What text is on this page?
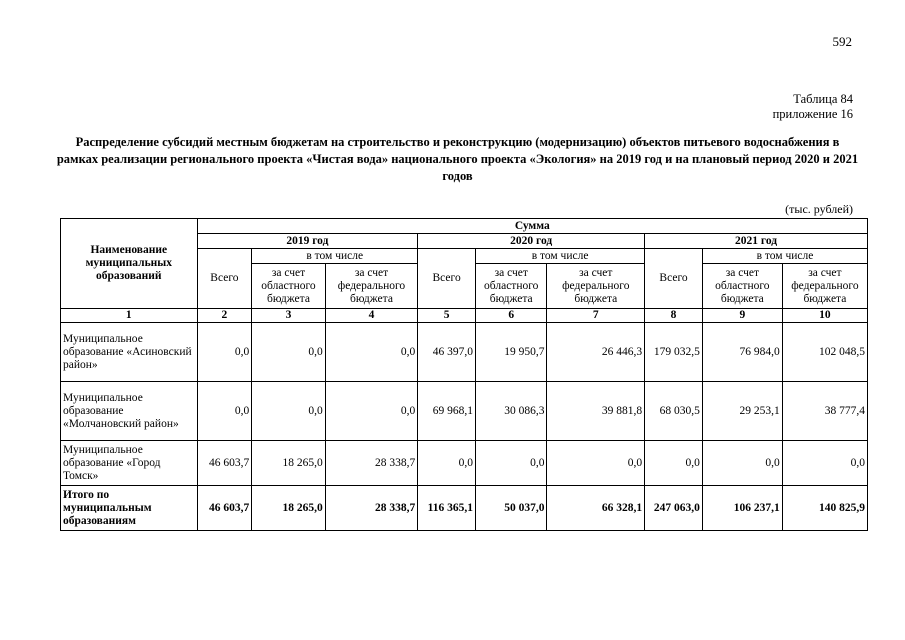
592
Таблица 84
приложение 16
Распределение субсидий местным бюджетам на строительство и реконструкцию (модернизацию) объектов питьевого водоснабжения в рамках реализации регионального проекта «Чистая вода» национального проекта «Экология» на 2019 год и на плановый период 2020 и 2021 годов
(тыс. рублей)
Наименование муниципальных образований	Сумма								
	2019 год			2020 год			2021 год		
	Всего	в том числе		Всего	в том числе		Всего	в том числе	
		за счет областного бюджета	за счет федерального бюджета		за счет областного бюджета	за счет федерального бюджета		за счет областного бюджета	за счет федерального бюджета
1	2	3	4	5	6	7	8	9	10
Муниципальное образование «Асиновский район»	0,0	0,0	0,0	46 397,0	19 950,7	26 446,3	179 032,5	76 984,0	102 048,5
Муниципальное образование «Молчановский район»	0,0	0,0	0,0	69 968,1	30 086,3	39 881,8	68 030,5	29 253,1	38 777,4
Муниципальное образование «Город Томск»	46 603,7	18 265,0	28 338,7	0,0	0,0	0,0	0,0	0,0	0,0
Итого по муниципальным образованиям	46 603,7	18 265,0	28 338,7	116 365,1	50 037,0	66 328,1	247 063,0	106 237,1	140 825,9
